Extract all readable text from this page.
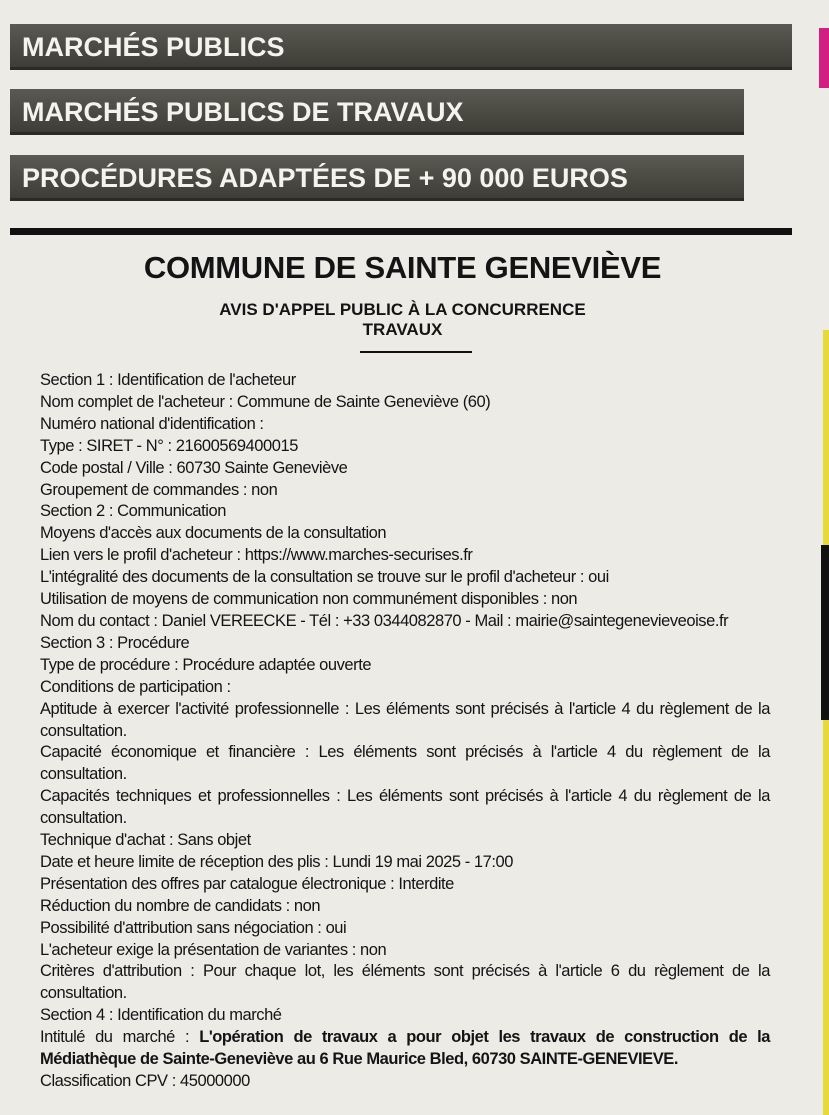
MARCHÉS PUBLICS
MARCHÉS PUBLICS DE TRAVAUX
PROCÉDURES ADAPTÉES DE + 90 000 EUROS
COMMUNE DE SAINTE GENEVIÈVE
AVIS D'APPEL PUBLIC À LA CONCURRENCE
TRAVAUX
Section 1 : Identification de l'acheteur
Nom complet de l'acheteur : Commune de Sainte Geneviève (60)
Numéro national d'identification :
Type : SIRET - N° : 21600569400015
Code postal / Ville : 60730 Sainte Geneviève
Groupement de commandes : non
Section 2 : Communication
Moyens d'accès aux documents de la consultation
Lien vers le profil d'acheteur : https://www.marches-securises.fr
L'intégralité des documents de la consultation se trouve sur le profil d'acheteur : oui
Utilisation de moyens de communication non communément disponibles : non
Nom du contact : Daniel VEREECKE - Tél : +33 0344082870 - Mail : mairie@saintegenevieveoise.fr
Section 3 : Procédure
Type de procédure : Procédure adaptée ouverte
Conditions de participation :
Aptitude à exercer l'activité professionnelle : Les éléments sont précisés à l'article 4 du règlement de la consultation.
Capacité économique et financière : Les éléments sont précisés à l'article 4 du règlement de la consultation.
Capacités techniques et professionnelles : Les éléments sont précisés à l'article 4 du règlement de la consultation.
Technique d'achat : Sans objet
Date et heure limite de réception des plis : Lundi 19 mai 2025 - 17:00
Présentation des offres par catalogue électronique : Interdite
Réduction du nombre de candidats : non
Possibilité d'attribution sans négociation : oui
L'acheteur exige la présentation de variantes : non
Critères d'attribution : Pour chaque lot, les éléments sont précisés à l'article 6 du règlement de la consultation.
Section 4 : Identification du marché
Intitulé du marché : L'opération de travaux a pour objet les travaux de construction de la Médiathèque de Sainte-Geneviève au 6 Rue Maurice Bled, 60730 SAINTE-GENEVIEVE.
Classification CPV : 45000000
